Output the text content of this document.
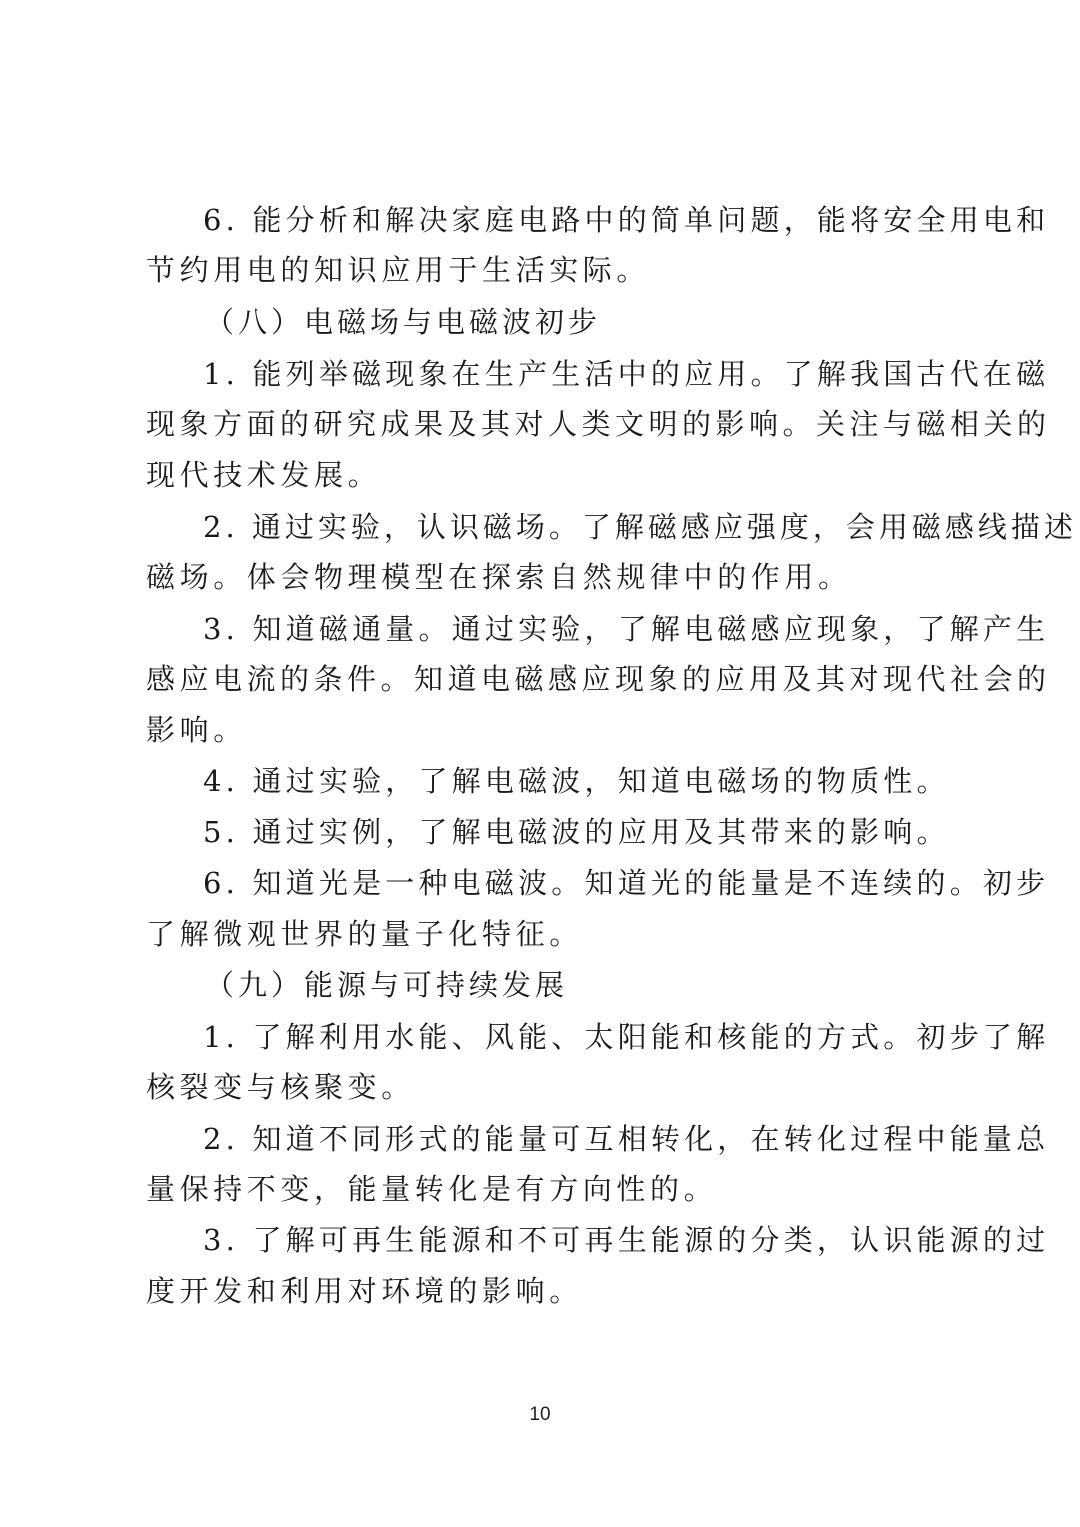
6. 能分析和解决家庭电路中的简单问题，能将安全用电和
节约用电的知识应用于生活实际。
（八）电磁场与电磁波初步
1. 能列举磁现象在生产生活中的应用。了解我国古代在磁
现象方面的研究成果及其对人类文明的影响。关注与磁相关的
现代技术发展。
2. 通过实验，认识磁场。了解磁感应强度，会用磁感线描述
磁场。体会物理模型在探索自然规律中的作用。
3. 知道磁通量。通过实验，了解电磁感应现象，了解产生
感应电流的条件。知道电磁感应现象的应用及其对现代社会的
影响。
4. 通过实验，了解电磁波，知道电磁场的物质性。
5. 通过实例，了解电磁波的应用及其带来的影响。
6. 知道光是一种电磁波。知道光的能量是不连续的。初步
了解微观世界的量子化特征。
（九）能源与可持续发展
1. 了解利用水能、风能、太阳能和核能的方式。初步了解
核裂变与核聚变。
2. 知道不同形式的能量可互相转化，在转化过程中能量总
量保持不变，能量转化是有方向性的。
3. 了解可再生能源和不可再生能源的分类，认识能源的过
度开发和利用对环境的影响。
10
